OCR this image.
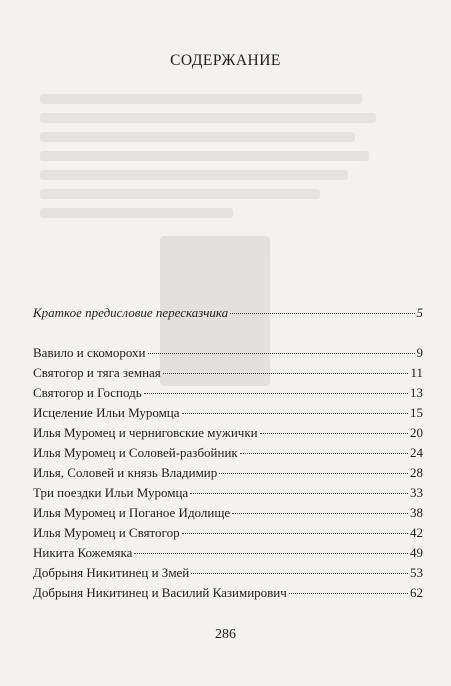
СОДЕРЖАНИЕ
Краткое предисловие пересказчика	5
Вавило и скоморохи	9
Святогор и тяга земная	11
Святогор и Господь	13
Исцеление Ильи Муромца	15
Илья Муромец и черниговские мужички	20
Илья Муромец и Соловей-разбойник	24
Илья, Соловей и князь Владимир	28
Три поездки Ильи Муромца	33
Илья Муромец и Поганое Идолище	38
Илья Муромец и Святогор	42
Никита Кожемяка	49
Добрыня Никитинец и Змей	53
Добрыня Никитинец и Василий Казимирович	62
286
